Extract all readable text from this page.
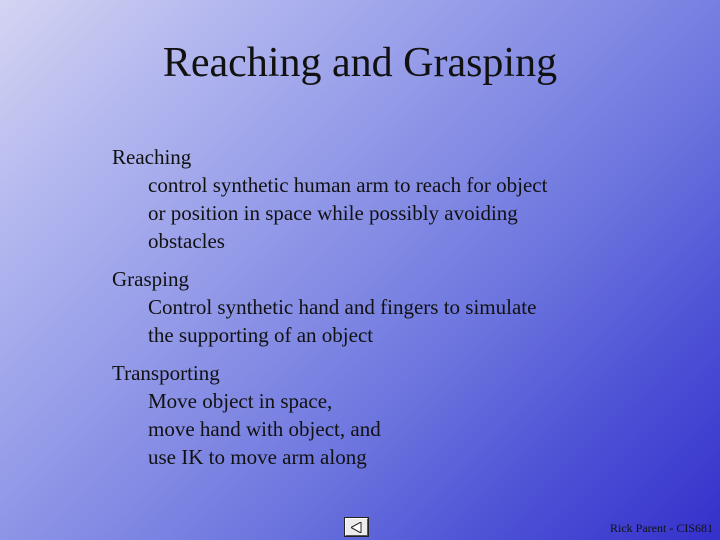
Reaching and Grasping
Reaching
control synthetic human arm to reach for object
or position in space while possibly avoiding
obstacles
Grasping
Control synthetic hand and fingers to simulate
the supporting of an object
Transporting
Move object in space,
move hand with object, and
use IK to move arm along
Rick Parent - CIS681
